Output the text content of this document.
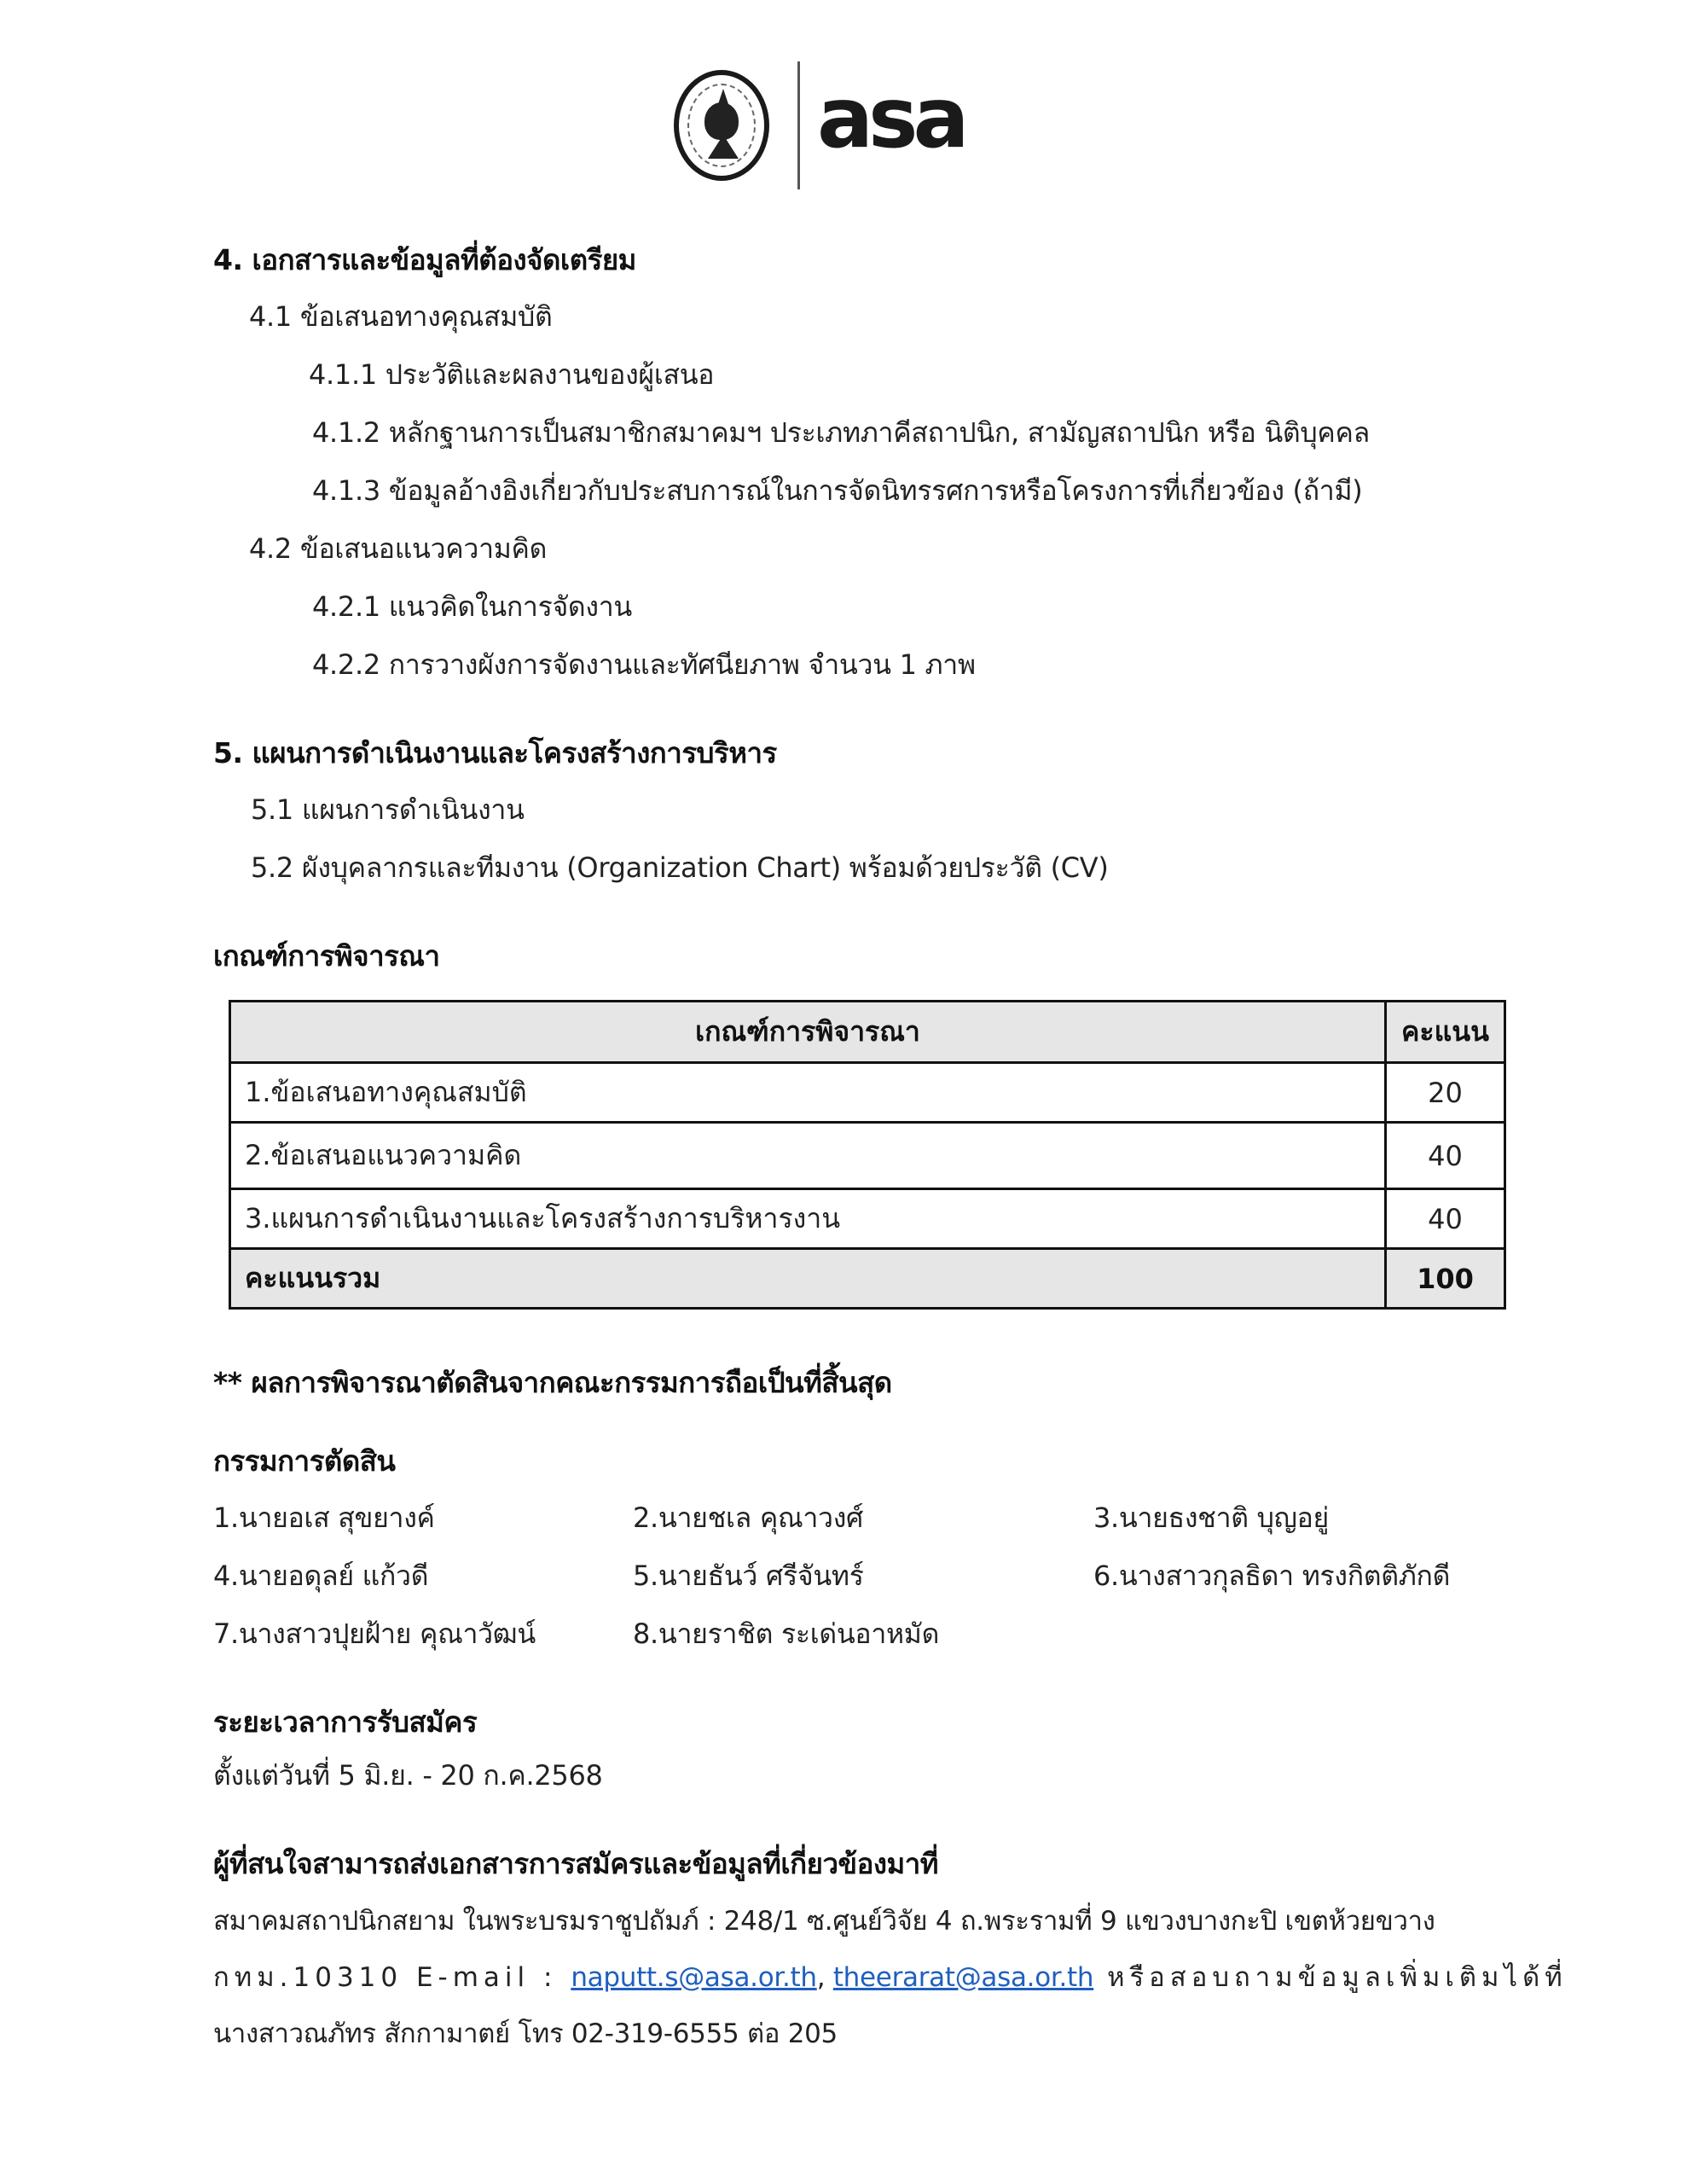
asa
4. เอกสารและข้อมูลที่ต้องจัดเตรียม
4.1 ข้อเสนอทางคุณสมบัติ
4.1.1 ประวัติและผลงานของผู้เสนอ
4.1.2 หลักฐานการเป็นสมาชิกสมาคมฯ ประเภทภาคีสถาปนิก, สามัญสถาปนิก หรือ นิติบุคคล
4.1.3 ข้อมูลอ้างอิงเกี่ยวกับประสบการณ์ในการจัดนิทรรศการหรือโครงการที่เกี่ยวข้อง (ถ้ามี)
4.2 ข้อเสนอแนวความคิด
4.2.1 แนวคิดในการจัดงาน
4.2.2 การวางผังการจัดงานและทัศนียภาพ จำนวน 1 ภาพ
5. แผนการดำเนินงานและโครงสร้างการบริหาร
5.1 แผนการดำเนินงาน
5.2 ผังบุคลากรและทีมงาน (Organization Chart) พร้อมด้วยประวัติ (CV)
เกณฑ์การพิจารณา
เกณฑ์การพิจารณา	คะแนน
1.ข้อเสนอทางคุณสมบัติ	20
2.ข้อเสนอแนวความคิด	40
3.แผนการดำเนินงานและโครงสร้างการบริหารงาน	40
คะแนนรวม	100
** ผลการพิจารณาตัดสินจากคณะกรรมการถือเป็นที่สิ้นสุด
กรรมการตัดสิน
1.นายอเส สุขยางค์	2.นายชเล คุณาวงศ์	3.นายธงชาติ บุญอยู่
4.นายอดุลย์ แก้วดี	5.นายธันว์ ศรีจันทร์	6.นางสาวกุลธิดา ทรงกิตติภักดี
7.นางสาวปุยฝ้าย คุณาวัฒน์	8.นายราชิต ระเด่นอาหมัด
ระยะเวลาการรับสมัคร
ตั้งแต่วันที่ 5 มิ.ย. - 20 ก.ค.2568
ผู้ที่สนใจสามารถส่งเอกสารการสมัครและข้อมูลที่เกี่ยวข้องมาที่
สมาคมสถาปนิกสยาม ในพระบรมราชูปถัมภ์ : 248/1 ซ.ศูนย์วิจัย 4 ถ.พระรามที่ 9 แขวงบางกะปิ เขตห้วยขวาง
กทม.10310 E-mail : naputt.s@asa.or.th, theerarat@asa.or.th หรือสอบถามข้อมูลเพิ่มเติมได้ที่
นางสาวณภัทร สักกามาตย์ โทร 02-319-6555 ต่อ 205
